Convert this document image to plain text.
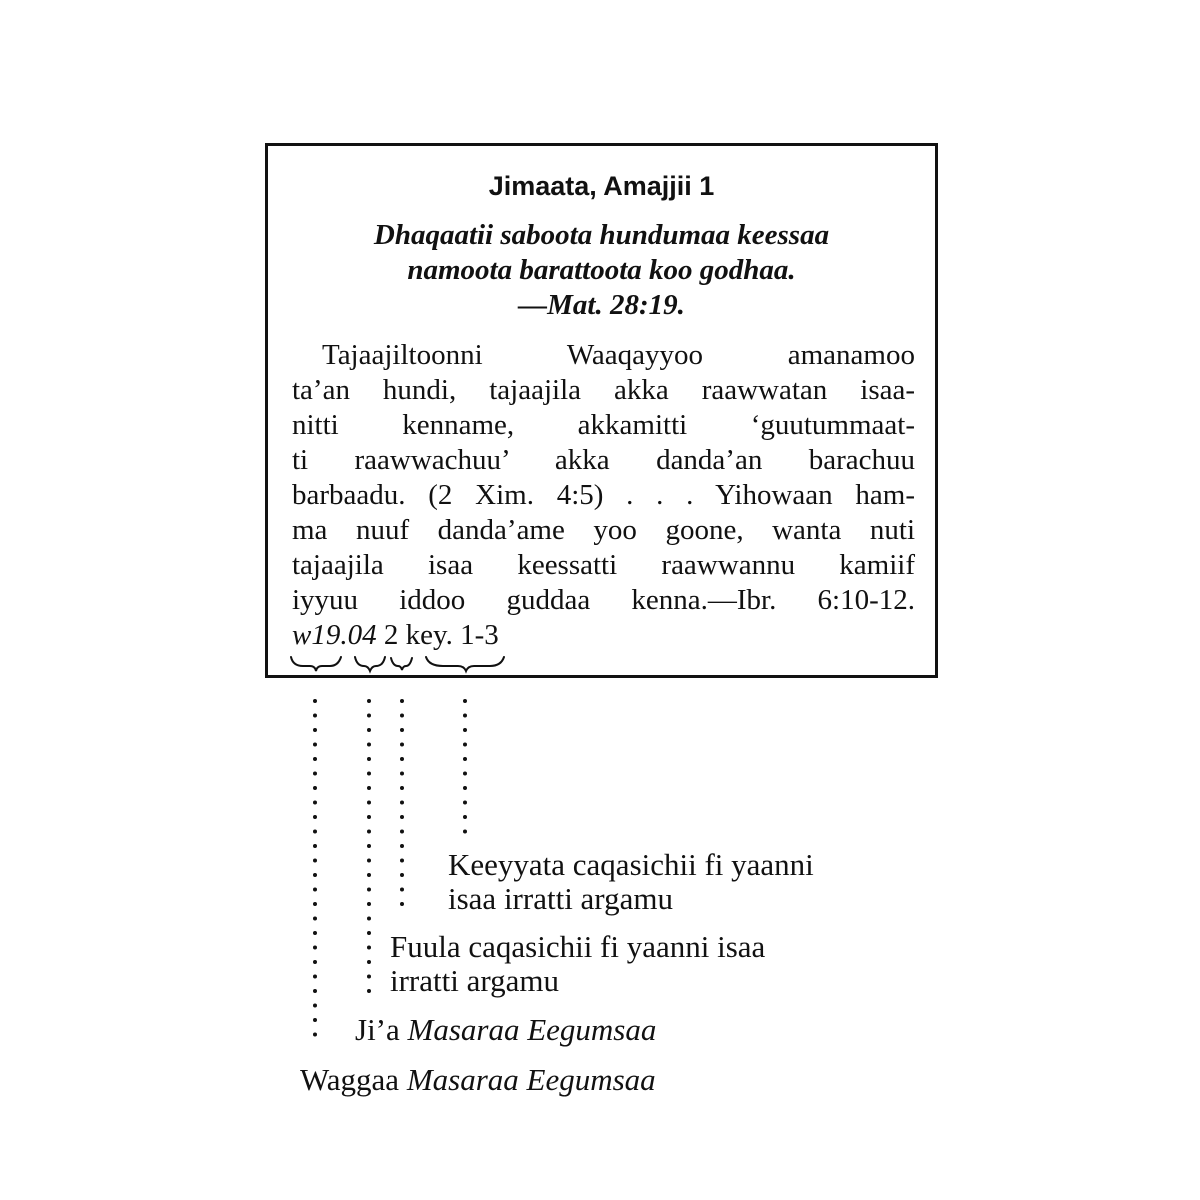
Jimaata, Amajjii 1
Dhaqaatii saboota hundumaa keessaa
namoota barattoota koo godhaa.
—Mat. 28:19.
Tajaajiltoonni Waaqayyoo amanamoo
ta’an hundi, tajaajila akka raawwatan isaa-
nitti kenname, akkamitti ‘guutummaat-
ti raawwachuu’ akka danda’an barachuu
barbaadu. (2 Xim. 4:5) . . . Yihowaan ham-
ma nuuf danda’ame yoo goone, wanta nuti
tajaajila isaa keessatti raawwannu kamiif
iyyuu iddoo guddaa kenna.—Ibr. 6:10-12.
w19.04 2 key. 1-3
Keeyyata caqasichii fi yaanni
isaa irratti argamu
Fuula caqasichii fi yaanni isaa
irratti argamu
Ji’a Masaraa Eegumsaa
Waggaa Masaraa Eegumsaa
